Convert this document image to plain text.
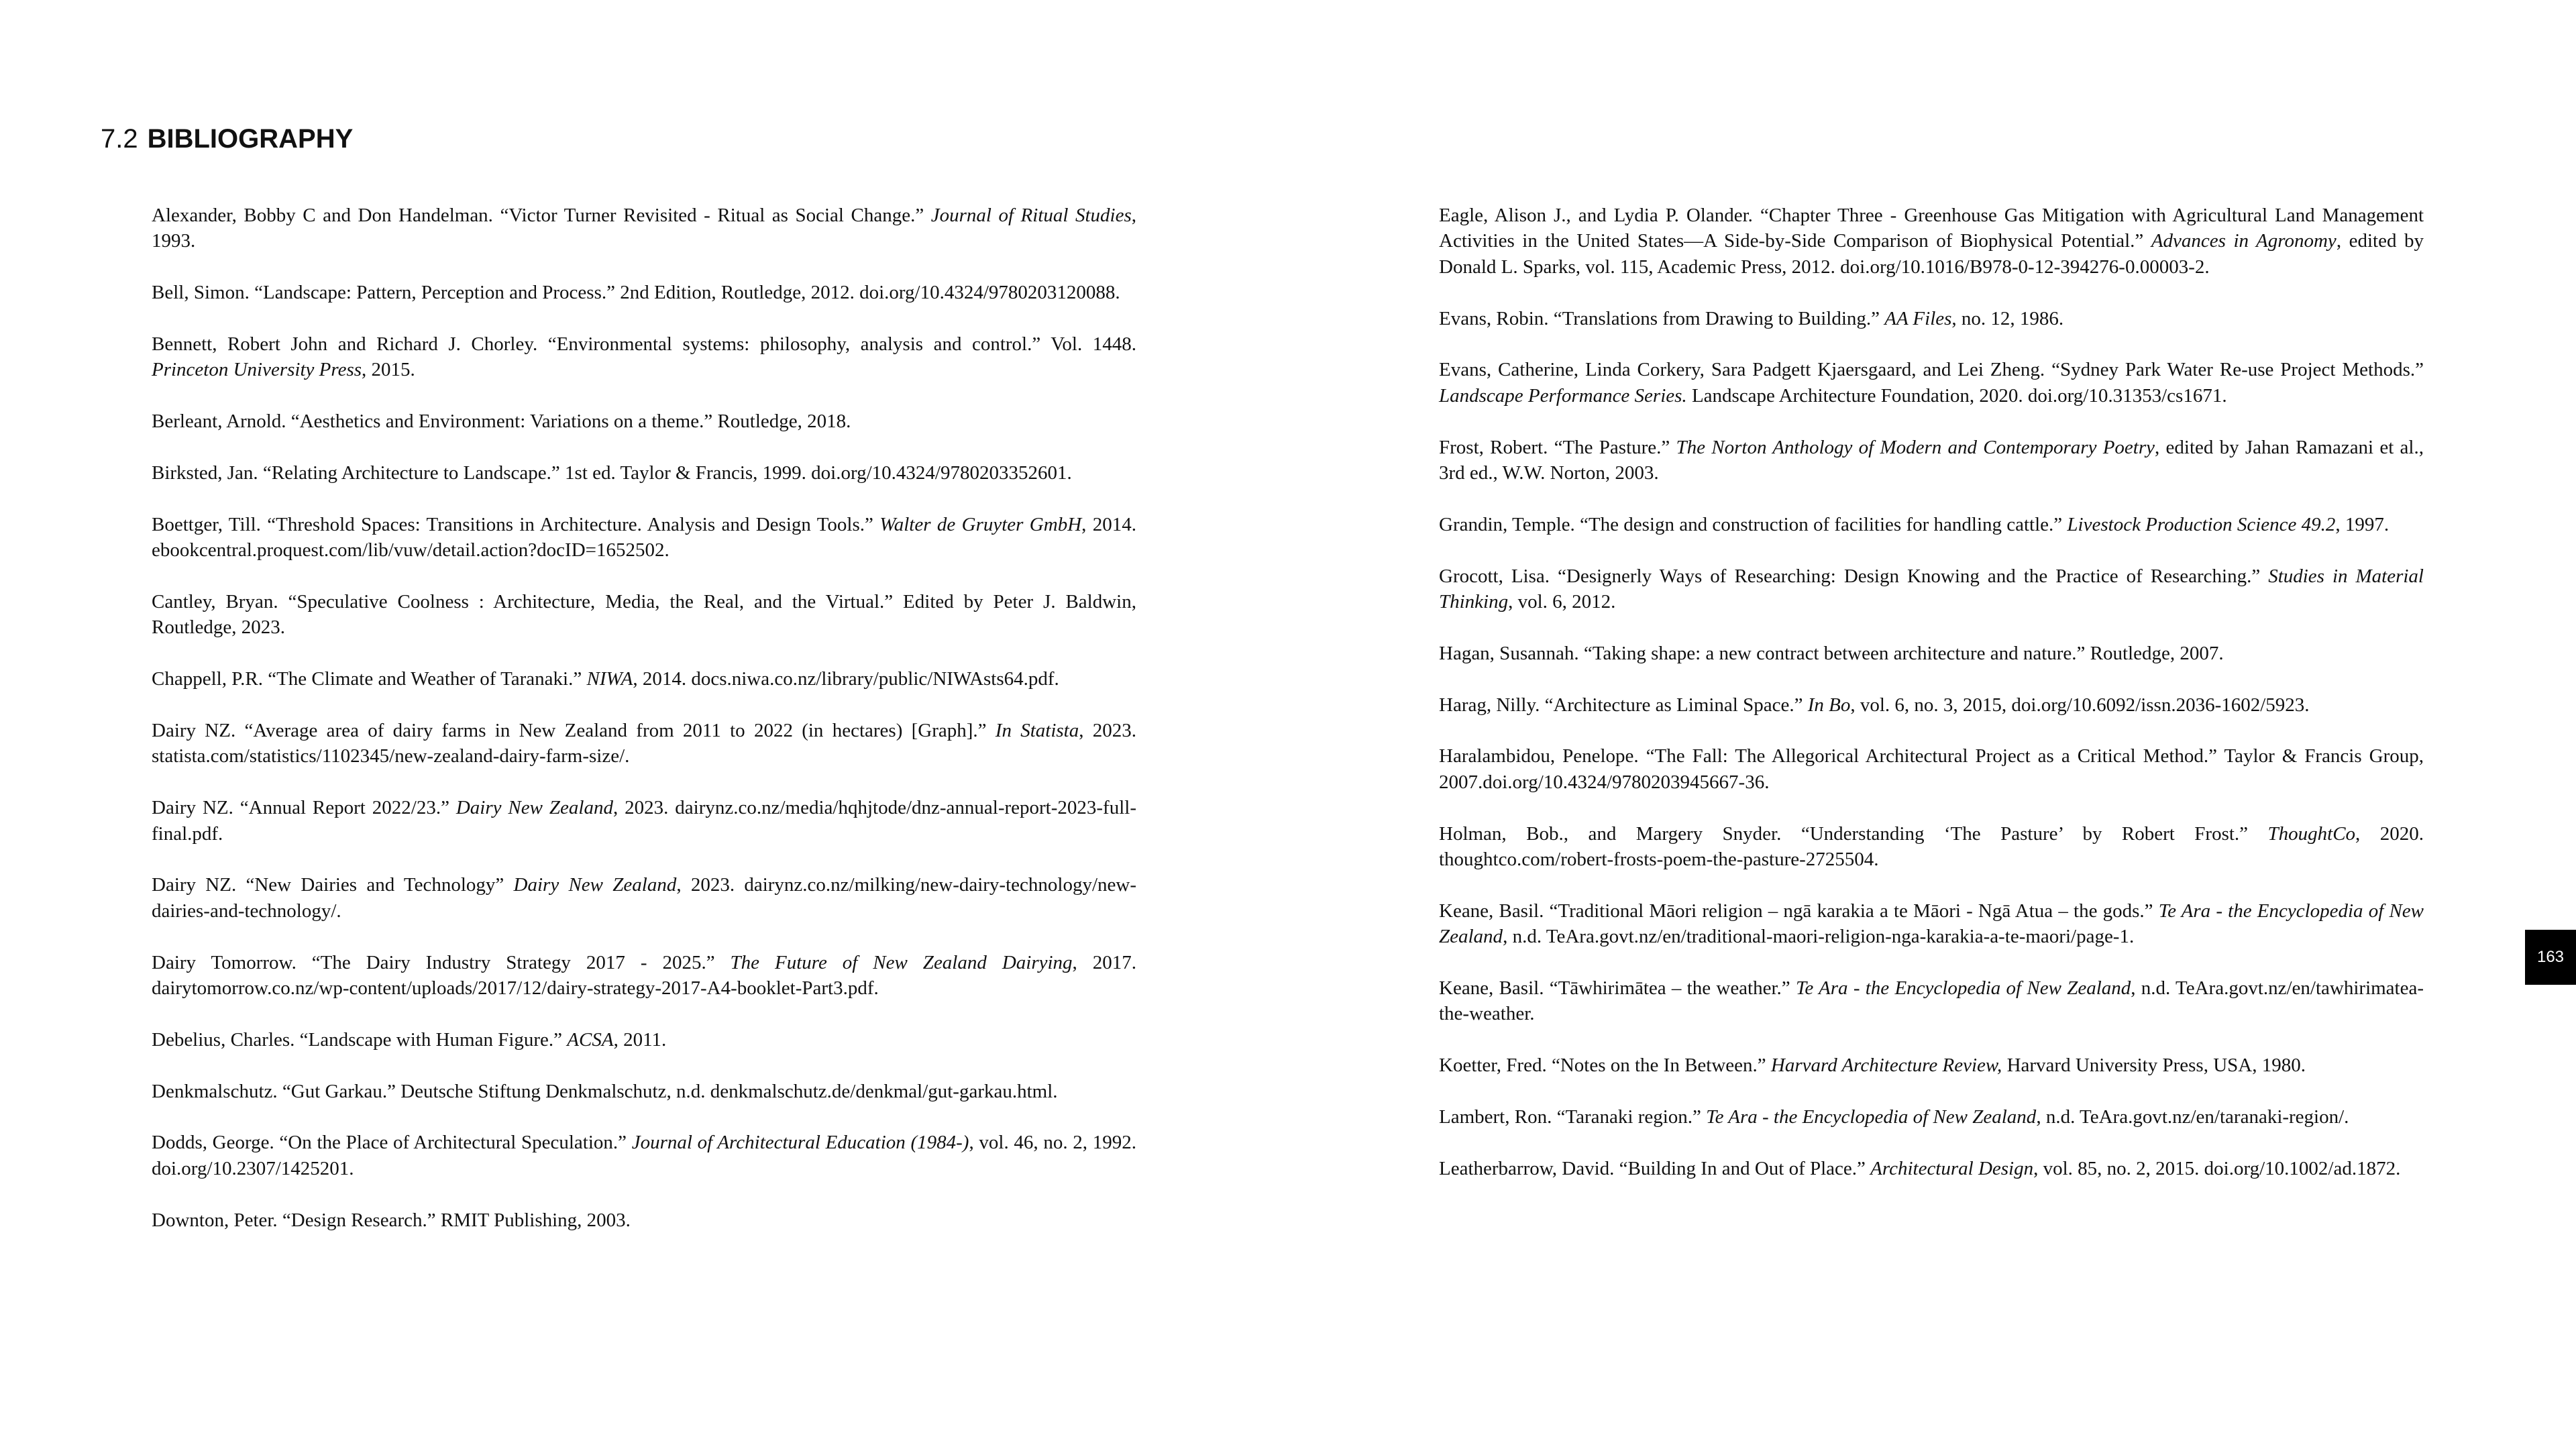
7.2 BIBLIOGRAPHY

Alexander, Bobby C and Don Handelman. “Victor Turner Revisited - Ritual as Social Change.” Journal of Ritual Studies, 1993.

Bell, Simon. “Landscape: Pattern, Perception and Process.” 2nd Edition, Routledge, 2012. doi.org/10.4324/9780203120088.

Bennett, Robert John and Richard J. Chorley. “Environmental systems: philosophy, analysis and control.” Vol. 1448. Princeton University Press, 2015.

Berleant, Arnold. “Aesthetics and Environment: Variations on a theme.” Routledge, 2018.

Birksted, Jan. “Relating Architecture to Landscape.” 1st ed. Taylor & Francis, 1999. doi.org/10.4324/9780203352601.

Boettger, Till. “Threshold Spaces: Transitions in Architecture. Analysis and Design Tools.” Walter de Gruyter GmbH, 2014. ebookcentral.proquest.com/lib/vuw/detail.action?docID=1652502.

Cantley, Bryan. “Speculative Coolness : Architecture, Media, the Real, and the Virtual.” Edited by Peter J. Baldwin, Routledge, 2023.

Chappell, P.R. “The Climate and Weather of Taranaki.” NIWA, 2014. docs.niwa.co.nz/library/public/NIWAsts64.pdf.

Dairy NZ. “Average area of dairy farms in New Zealand from 2011 to 2022 (in hectares) [Graph].” In Statista, 2023. statista.com/statistics/1102345/new-zealand-dairy-farm-size/.

Dairy NZ. “Annual Report 2022/23.” Dairy New Zealand, 2023. dairynz.co.nz/media/hqhjtode/dnz-annual-report-2023-full-final.pdf.

Dairy NZ. “New Dairies and Technology” Dairy New Zealand, 2023. dairynz.co.nz/milking/new-dairy-technology/new-dairies-and-technology/.

Dairy Tomorrow. “The Dairy Industry Strategy 2017 - 2025.” The Future of New Zealand Dairying, 2017. dairytomorrow.co.nz/wp-content/uploads/2017/12/dairy-strategy-2017-A4-booklet-Part3.pdf.

Debelius, Charles. “Landscape with Human Figure.” ACSA, 2011.

Denkmalschutz. “Gut Garkau.” Deutsche Stiftung Denkmalschutz, n.d. denkmalschutz.de/denkmal/gut-garkau.html.

Dodds, George. “On the Place of Architectural Speculation.” Journal of Architectural Education (1984-), vol. 46, no. 2, 1992. doi.org/10.2307/1425201.

Downton, Peter. “Design Research.” RMIT Publishing, 2003.

Eagle, Alison J., and Lydia P. Olander. “Chapter Three - Greenhouse Gas Mitigation with Agricultural Land Management Activities in the United States—A Side-by-Side Comparison of Biophysical Potential.” Advances in Agronomy, edited by Donald L. Sparks, vol. 115, Academic Press, 2012. doi.org/10.1016/B978-0-12-394276-0.00003-2.

Evans, Robin. “Translations from Drawing to Building.” AA Files, no. 12, 1986.

Evans, Catherine, Linda Corkery, Sara Padgett Kjaersgaard, and Lei Zheng. “Sydney Park Water Re-use Project Methods.” Landscape Performance Series. Landscape Architecture Foundation, 2020. doi.org/10.31353/cs1671.

Frost, Robert. “The Pasture.” The Norton Anthology of Modern and Contemporary Poetry, edited by Jahan Ramazani et al., 3rd ed., W.W. Norton, 2003.

Grandin, Temple. “The design and construction of facilities for handling cattle.” Livestock Production Science 49.2, 1997.

Grocott, Lisa. “Designerly Ways of Researching: Design Knowing and the Practice of Researching.” Studies in Material Thinking, vol. 6, 2012.

Hagan, Susannah. “Taking shape: a new contract between architecture and nature.” Routledge, 2007.

Harag, Nilly. “Architecture as Liminal Space.” In Bo, vol. 6, no. 3, 2015, doi.org/10.6092/issn.2036-1602/5923.

Haralambidou, Penelope. “The Fall: The Allegorical Architectural Project as a Critical Method.” Taylor & Francis Group, 2007.doi.org/10.4324/9780203945667-36.

Holman, Bob., and Margery Snyder. “Understanding ‘The Pasture’ by Robert Frost.” ThoughtCo, 2020. thoughtco.com/robert-frosts-poem-the-pasture-2725504.

Keane, Basil. “Traditional Māori religion – ngā karakia a te Māori - Ngā Atua – the gods.” Te Ara - the Encyclopedia of New Zealand, n.d. TeAra.govt.nz/en/traditional-maori-religion-nga-karakia-a-te-maori/page-1.

Keane, Basil. “Tāwhirimātea – the weather.” Te Ara - the Encyclopedia of New Zealand, n.d. TeAra.govt.nz/en/tawhirimatea-the-weather.

Koetter, Fred. “Notes on the In Between.” Harvard Architecture Review, Harvard University Press, USA, 1980.

Lambert, Ron. “Taranaki region.” Te Ara - the Encyclopedia of New Zealand, n.d. TeAra.govt.nz/en/taranaki-region/.

Leatherbarrow, David. “Building In and Out of Place.” Architectural Design, vol. 85, no. 2, 2015. doi.org/10.1002/ad.1872.

163
